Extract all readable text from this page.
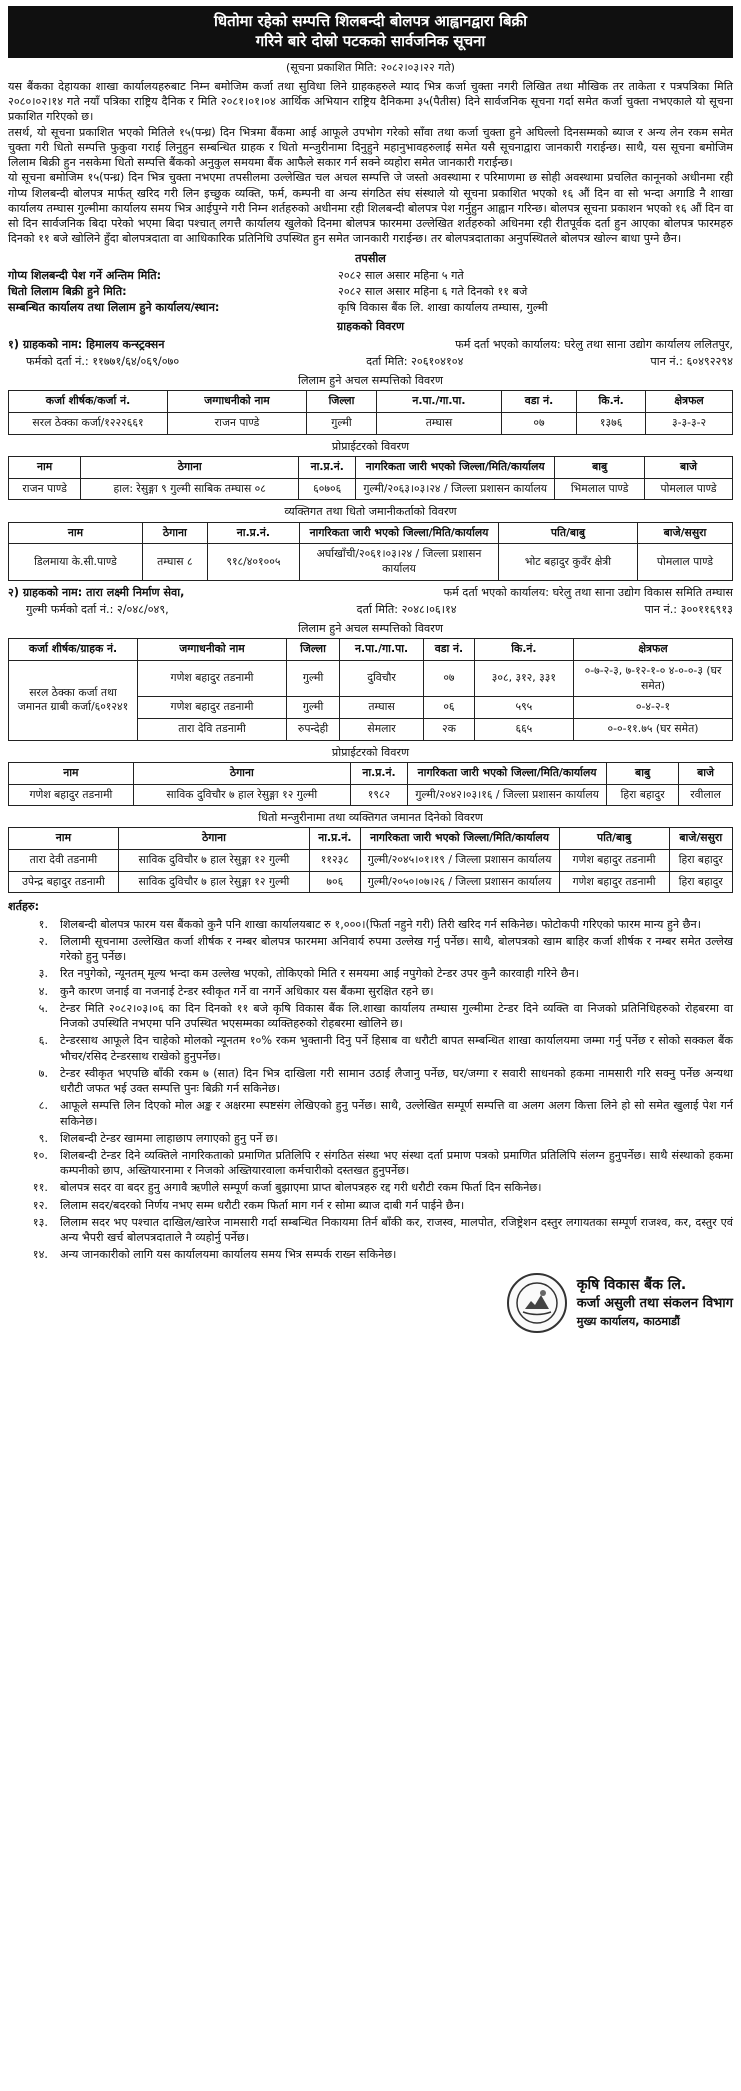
धितोमा रहेको सम्पत्ति शिलबन्दी बोलपत्र आह्वानद्वारा बिक्री
गरिने बारे दोस्रो पटकको सार्वजनिक सूचना
(सूचना प्रकाशित मिति: २०८२।०३।२२ गते)

यस बैंकका देहायका शाखा कार्यालयहरुबाट निम्न बमोजिम कर्जा तथा सुविधा लिने ग्राहकहरुले म्याद भित्र कर्जा चुक्ता नगरी लिखित तथा मौखिक तर ताकेता र पत्रपत्रिका मिति २०८०।०२।१४ गते नयाँ पत्रिका राष्ट्रिय दैनिक र मिति २०८१।०१।०४ आर्थिक अभियान राष्ट्रिय दैनिकमा ३५(पैतीस) दिने सार्वजनिक सूचना गर्दा समेत कर्जा चुक्ता नभएकाले यो सूचना प्रकाशित गरिएको छ।

तसर्थ, यो सूचना प्रकाशित भएको मितिले १५(पन्ध्र) दिन भित्रमा बैंकमा आई आफूले उपभोग गरेको साँवा तथा कर्जा चुक्ता हुने अघिल्लो दिनसम्मको ब्याज र अन्य लेन रकम समेत चुक्ता गरी धितो सम्पत्ति फुकुवा गराई लिनुहुन सम्बन्धित ग्राहक र धितो मन्जुरीनामा दिनुहुने महानुभावहरुलाई समेत यसै सूचनाद्वारा जानकारी गराईन्छ। साथै, यस सूचना बमोजिम लिलाम बिक्री हुन नसकेमा धितो सम्पत्ति बैंकको अनुकुल समयमा बैंक आफैले सकार गर्न सक्ने व्यहोरा समेत जानकारी गराईन्छ।

यो सूचना बमोजिम १५(पन्ध्र) दिन भित्र चुक्ता नभएमा तपसीलमा उल्लेखित चल अचल सम्पत्ति जे जस्तो अवस्थामा र परिमाणमा छ सोही अवस्थामा प्रचलित कानूनको अधीनमा रही गोप्य शिलबन्दी बोलपत्र मार्फत् खरिद गरी लिन इच्छुक व्यक्ति, फर्म, कम्पनी वा अन्य संगठित संघ संस्थाले यो सूचना प्रकाशित भएको १६ औं दिन वा सो भन्दा अगाडि नै शाखा कार्यालय तम्घास गुल्मीमा कार्यालय समय भित्र आईपुग्ने गरी निम्न शर्तहरुको अधीनमा रही शिलबन्दी बोलपत्र पेश गर्नुहुन आह्वान गरिन्छ। बोलपत्र सूचना प्रकाशन भएको १६ औं दिन वा सो दिन सार्वजनिक बिदा परेको भएमा बिदा पश्चात् लगत्तै कार्यालय खुलेको दिनमा बोलपत्र फारममा उल्लेखित शर्तहरुको अधिनमा रही रीतपूर्वक दर्ता हुन आएका बोलपत्र फारमहरु दिनको ११ बजे खोलिने हुँदा बोलपत्रदाता वा आधिकारिक प्रतिनिधि उपस्थित हुन समेत जानकारी गराईन्छ। तर बोलपत्रदाताका अनुपस्थितले बोलपत्र खोल्न बाधा पुग्ने छैन।

तपसील
गोप्य शिलबन्दी पेश गर्ने अन्तिम मिति:	२०८२ साल असार महिना ५ गते
धितो लिलाम बिक्री हुने मिति:	२०८२ साल असार महिना ६ गते दिनको ११ बजे
सम्बन्धित कार्यालय तथा लिलाम हुने कार्यालय/स्थान:	कृषि विकास बैंक लि. शाखा कार्यालय तम्घास, गुल्मी
ग्राहकको विवरण
१) ग्राहकको नाम: हिमालय कन्स्ट्रक्सन	फर्म दर्ता भएको कार्यालय: घरेलु तथा साना उद्योग कार्यालय ललितपुर,
फर्मको दर्ता नं.: ११७७१/६४/०६९/०७०	दर्ता मिति: २०६१०४१०४	पान नं.: ६०४९२२९४
लिलाम हुने अचल सम्पत्तिको विवरण
कर्जा शीर्षक/कर्जा नं.	जग्गाधनीको नाम	जिल्ला	न.पा./गा.पा.	वडा नं.	कि.नं.	क्षेत्रफल
सरल ठेक्का कर्जा/१२२२६६१	राजन पाण्डे	गुल्मी	तम्घास	०७	१३७६	३-३-३-२
प्रोप्राईटरको विवरण
नाम	ठेगाना	ना.प्र.नं.	नागरिकता जारी भएको जिल्ला/मिति/कार्यालय	बाबु	बाजे
राजन पाण्डे	हाल: रेसुङ्गा ९ गुल्मी साबिक तम्घास ०८	६०७०६	गुल्मी/२०६३।०३।२४ / जिल्ला प्रशासन कार्यालय	भिमलाल पाण्डे	पोमलाल पाण्डे
व्यक्तिगत तथा धितो जमानीकर्ताको विवरण
नाम	ठेगाना	ना.प्र.नं.	नागरिकता जारी भएको जिल्ला/मिति/कार्यालय	पति/बाबु	बाजे/ससुरा
डिलमाया के.सी.पाण्डे	तम्घास ८	९१८/४०१००५	अर्घाखाँची/२०६१।०३।२४ / जिल्ला प्रशासन कार्यालय	भोट बहादुर कुवँर क्षेत्री	पोमलाल पाण्डे
२) ग्राहकको नाम: तारा लक्ष्मी निर्माण सेवा,	फर्म दर्ता भएको कार्यालय: घरेलु तथा साना उद्योग विकास समिति तम्घास
गुल्मी फर्मको दर्ता नं.: २/०४८/०४९,	दर्ता मिति: २०४८।०६।१४	पान नं.: ३००११६९१३
लिलाम हुने अचल सम्पत्तिको विवरण
कर्जा शीर्षक/ग्राहक नं.	जग्गाधनीको नाम	जिल्ला	न.पा./गा.पा.	वडा नं.	कि.नं.	क्षेत्रफल
सरल ठेक्का कर्जा तथा जमानत ग्राबी कर्जा/६०१२४१	गणेश बहादुर तडनामी	गुल्मी	दुविचौर	०७	३०८, ३१२, ३३१	०-७-२-३, ७-१२-१-० ४-०-०-३ (घर समेत)
	गणेश बहादुर तडनामी	गुल्मी	तम्घास	०६	५९५	०-४-२-१
	तारा देवि तडनामी	रुपन्देही	सेमलार	२क	६६५	०-०-११.७५ (घर समेत)
प्रोप्राईटरको विवरण
नाम	ठेगाना	ना.प्र.नं.	नागरिकता जारी भएको जिल्ला/मिति/कार्यालय	बाबु	बाजे
गणेश बहादुर तडनामी	साविक दुविचौर ७ हाल रेसुङ्गा १२ गुल्मी	१९८२	गुल्मी/२०४२।०३।१६ / जिल्ला प्रशासन कार्यालय	हिरा बहादुर	रवीलाल
धितो मन्जुरीनामा तथा व्यक्तिगत जमानत दिनेको विवरण
नाम	ठेगाना	ना.प्र.नं.	नागरिकता जारी भएको जिल्ला/मिति/कार्यालय	पति/बाबु	बाजे/ससुरा
तारा देवी तडनामी	साविक दुविचौर ७ हाल रेसुङ्गा १२ गुल्मी	११२३८	गुल्मी/२०४५।०१।१९ / जिल्ला प्रशासन कार्यालय	गणेश बहादुर तडनामी	हिरा बहादुर
उपेन्द्र बहादुर तडनामी	साविक दुविचौर ७ हाल रेसुङ्गा १२ गुल्मी	७०६	गुल्मी/२०५०।०७।२६ / जिल्ला प्रशासन कार्यालय	गणेश बहादुर तडनामी	हिरा बहादुर
शर्तहरु:
१.	शिलबन्दी बोलपत्र फारम यस बैंकको कुनै पनि शाखा कार्यालयबाट रु १,०००।(फिर्ता नहुने गरी) तिरी खरिद गर्न सकिनेछ। फोटोकपी गरिएको फारम मान्य हुने छैन।
२.	लिलामी सूचनामा उल्लेखित कर्जा शीर्षक र नम्बर बोलपत्र फारममा अनिवार्य रुपमा उल्लेख गर्नु पर्नेछ। साथै, बोलपत्रको खाम बाहिर कर्जा शीर्षक र नम्बर समेत उल्लेख गरेको हुनु पर्नेछ।
३.	रित नपुगेको, न्यूनतम् मूल्य भन्दा कम उल्लेख भएको, तोकिएको मिति र समयमा आई नपुगेको टेन्डर उपर कुनै कारवाही गरिने छैन।
४.	कुनै कारण जनाई वा नजनाई टेन्डर स्वीकृत गर्ने वा नगर्ने अधिकार यस बैंकमा सुरक्षित रहने छ।
५.	टेन्डर मिति २०८२।०३।०६ का दिन दिनको ११ बजे कृषि विकास बैंक लि.शाखा कार्यालय तम्घास गुल्मीमा टेन्डर दिने व्यक्ति वा निजको प्रतिनिधिहरुको रोहबरमा वा निजको उपस्थिति नभएमा पनि उपस्थित भएसम्मका व्यक्तिहरुको रोहबरमा खोलिने छ।
६.	टेन्डरसाथ आफूले दिन चाहेको मोलको न्यूनतम १०% रकम भुक्तानी दिनु पर्ने हिसाब वा धरौटी बापत सम्बन्धित शाखा कार्यालयमा जम्मा गर्नु पर्नेछ र सोको सक्कल बैंक भौचर/रसिद टेन्डरसाथ राखेको हुनुपर्नेछ।
७.	टेन्डर स्वीकृत भएपछि बाँकी रकम ७ (सात) दिन भित्र दाखिला गरी सामान उठाई लैजानु पर्नेछ, घर/जग्गा र सवारी साधनको हकमा नामसारी गरि सक्नु पर्नेछ अन्यथा धरौटी जफत भई उक्त सम्पत्ति पुनः बिक्री गर्न सकिनेछ।
८.	आफूले सम्पत्ति लिन दिएको मोल अङ्क र अक्षरमा स्पष्टसंग लेखिएको हुनु पर्नेछ। साथै, उल्लेखित सम्पूर्ण सम्पत्ति वा अलग अलग कित्ता लिने हो सो समेत खुलाई पेश गर्न सकिनेछ।
९.	शिलबन्दी टेन्डर खाममा लाहाछाप लगाएको हुनु पर्ने छ।
१०.	शिलबन्दी टेन्डर दिने व्यक्तिले नागरिकताको प्रमाणित प्रतिलिपि र संगठित संस्था भए संस्था दर्ता प्रमाण पत्रको प्रमाणित प्रतिलिपि संलग्न हुनुपर्नेछ। साथै संस्थाको हकमा कम्पनीको छाप, अख्तियारनामा र निजको अख्तियारवाला कर्मचारीको दस्तखत हुनुपर्नेछ।
११.	बोलपत्र सदर वा बदर हुनु अगावै ऋणीले सम्पूर्ण कर्जा बुझाएमा प्राप्त बोलपत्रहरु रद्द गरी धरौटी रकम फिर्ता दिन सकिनेछ।
१२.	लिलाम सदर/बदरको निर्णय नभए सम्म धरौटी रकम फिर्ता माग गर्न र सोमा ब्याज दाबी गर्न पाईने छैन।
१३.	लिलाम सदर भए पश्चात दाखिल/खारेज नामसारी गर्दा सम्बन्धित निकायमा तिर्न बाँकी कर, राजस्व, मालपोत, रजिष्ट्रेशन दस्तुर लगायतका सम्पूर्ण राजश्व, कर, दस्तुर एवं अन्य भैपरी खर्च बोलपत्रदाताले नै व्यहोर्नु पर्नेछ।
१४.	अन्य जानकारीको लागि यस कार्यालयमा कार्यालय समय भित्र सम्पर्क राख्न सकिनेछ।
कृषि विकास बैंक लि.
कर्जा असुली तथा संकलन विभाग
मुख्य कार्यालय, काठमाडौं
